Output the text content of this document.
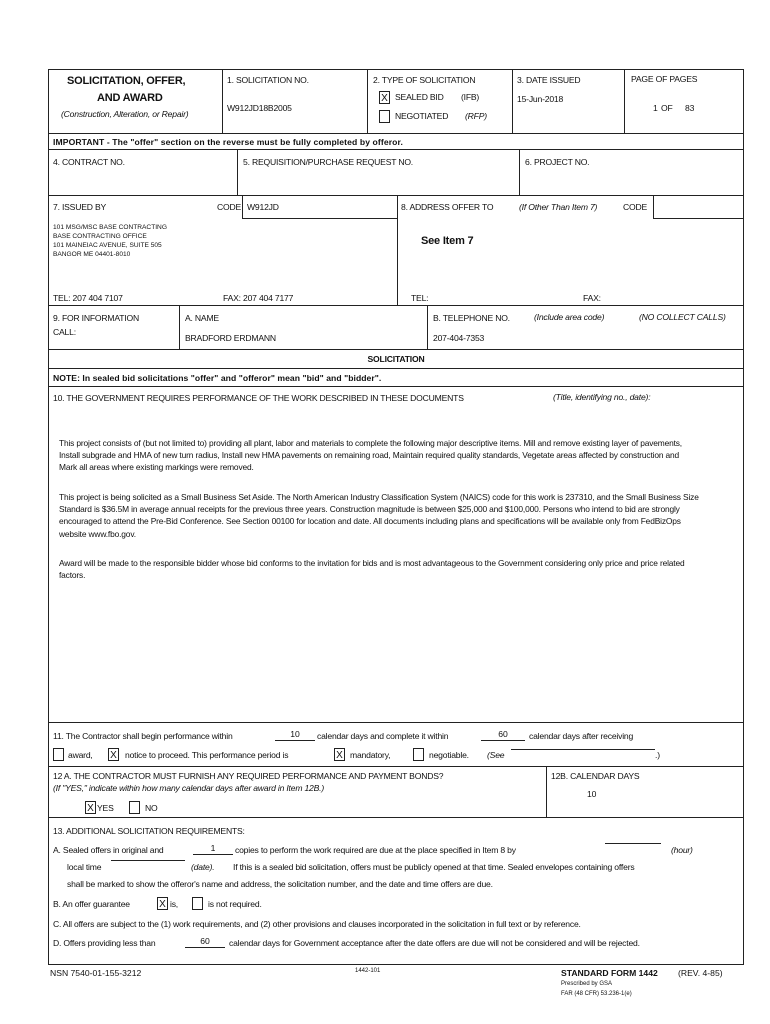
SOLICITATION, OFFER,
AND AWARD
(Construction, Alteration, or Repair)
1. SOLICITATION NO.
W912JD18B2005
2. TYPE OF SOLICITATION
X SEALED BID (IFB)
NEGOTIATED (RFP)
3. DATE ISSUED
15-Jun-2018
PAGE OF PAGES
1 OF 83
IMPORTANT - The "offer" section on the reverse must be fully completed by offeror.
4. CONTRACT NO.	5. REQUISITION/PURCHASE REQUEST NO.	6. PROJECT NO.
7. ISSUED BY	CODE W912JD	8. ADDRESS OFFER TO	(If Other Than Item 7)	CODE
101 MSG/MSC BASE CONTRACTING
BASE CONTRACTING OFFICE
101 MAINEIAC AVENUE, SUITE 505
BANGOR ME 04401-8010
See Item 7
TEL: 207 404 7107	FAX: 207 404 7177	TEL:	FAX:
9. FOR INFORMATION
CALL:
A. NAME
BRADFORD ERDMANN
B. TELEPHONE NO.	(Include area code)	(NO COLLECT CALLS)
207-404-7353
SOLICITATION
NOTE: In sealed bid solicitations "offer" and "offeror" mean "bid" and "bidder".
10. THE GOVERNMENT REQUIRES PERFORMANCE OF THE WORK DESCRIBED IN THESE DOCUMENTS	(Title, identifying no., date):
This project consists of (but not limited to) providing all plant, labor and materials to complete the following major descriptive items. Mill and remove existing layer of pavements, Install subgrade and HMA of new turn radius, Install new HMA pavements on remaining road, Maintain required quality standards, Vegetate areas affected by construction and Mark all areas where existing markings were removed.
This project is being solicited as a Small Business Set Aside. The North American Industry Classification System (NAICS) code for this work is 237310, and the Small Business Size Standard is $36.5M in average annual receipts for the previous three years. Construction magnitude is between $25,000 and $100,000. Persons who intend to bid are strongly encouraged to attend the Pre-Bid Conference. See Section 00100 for location and date. All documents including plans and specifications will be available only from FedBizOps website www.fbo.gov.
Award will be made to the responsible bidder whose bid conforms to the invitation for bids and is most advantageous to the Government considering only price and price related factors.
11. The Contractor shall begin performance within	10	calendar days and complete it within	60	calendar days after receiving
award, X notice to proceed. This performance period is	X mandatory,	negotiable. (See	.)
12 A. THE CONTRACTOR MUST FURNISH ANY REQUIRED PERFORMANCE AND PAYMENT BONDS?
(If "YES," indicate within how many calendar days after award in Item 12B.)
X YES	NO
12B. CALENDAR DAYS
10
13. ADDITIONAL SOLICITATION REQUIREMENTS:
A. Sealed offers in original and	1	copies to perform the work required are due at the place specified in Item 8 by	(hour)
local time	(date). If this is a sealed bid solicitation, offers must be publicly opened at that time. Sealed envelopes containing offers
shall be marked to show the offeror's name and address, the solicitation number, and the date and time offers are due.
B. An offer guarantee	X is,	is not required.
C. All offers are subject to the (1) work requirements, and (2) other provisions and clauses incorporated in the solicitation in full text or by reference.
D. Offers providing less than	60	calendar days for Government acceptance after the date offers are due will not be considered and will be rejected.
NSN 7540-01-155-3212	1442-101	STANDARD FORM 1442 (REV. 4-85)
Prescribed by GSA
FAR (48 CFR) 53.236-1(e)
